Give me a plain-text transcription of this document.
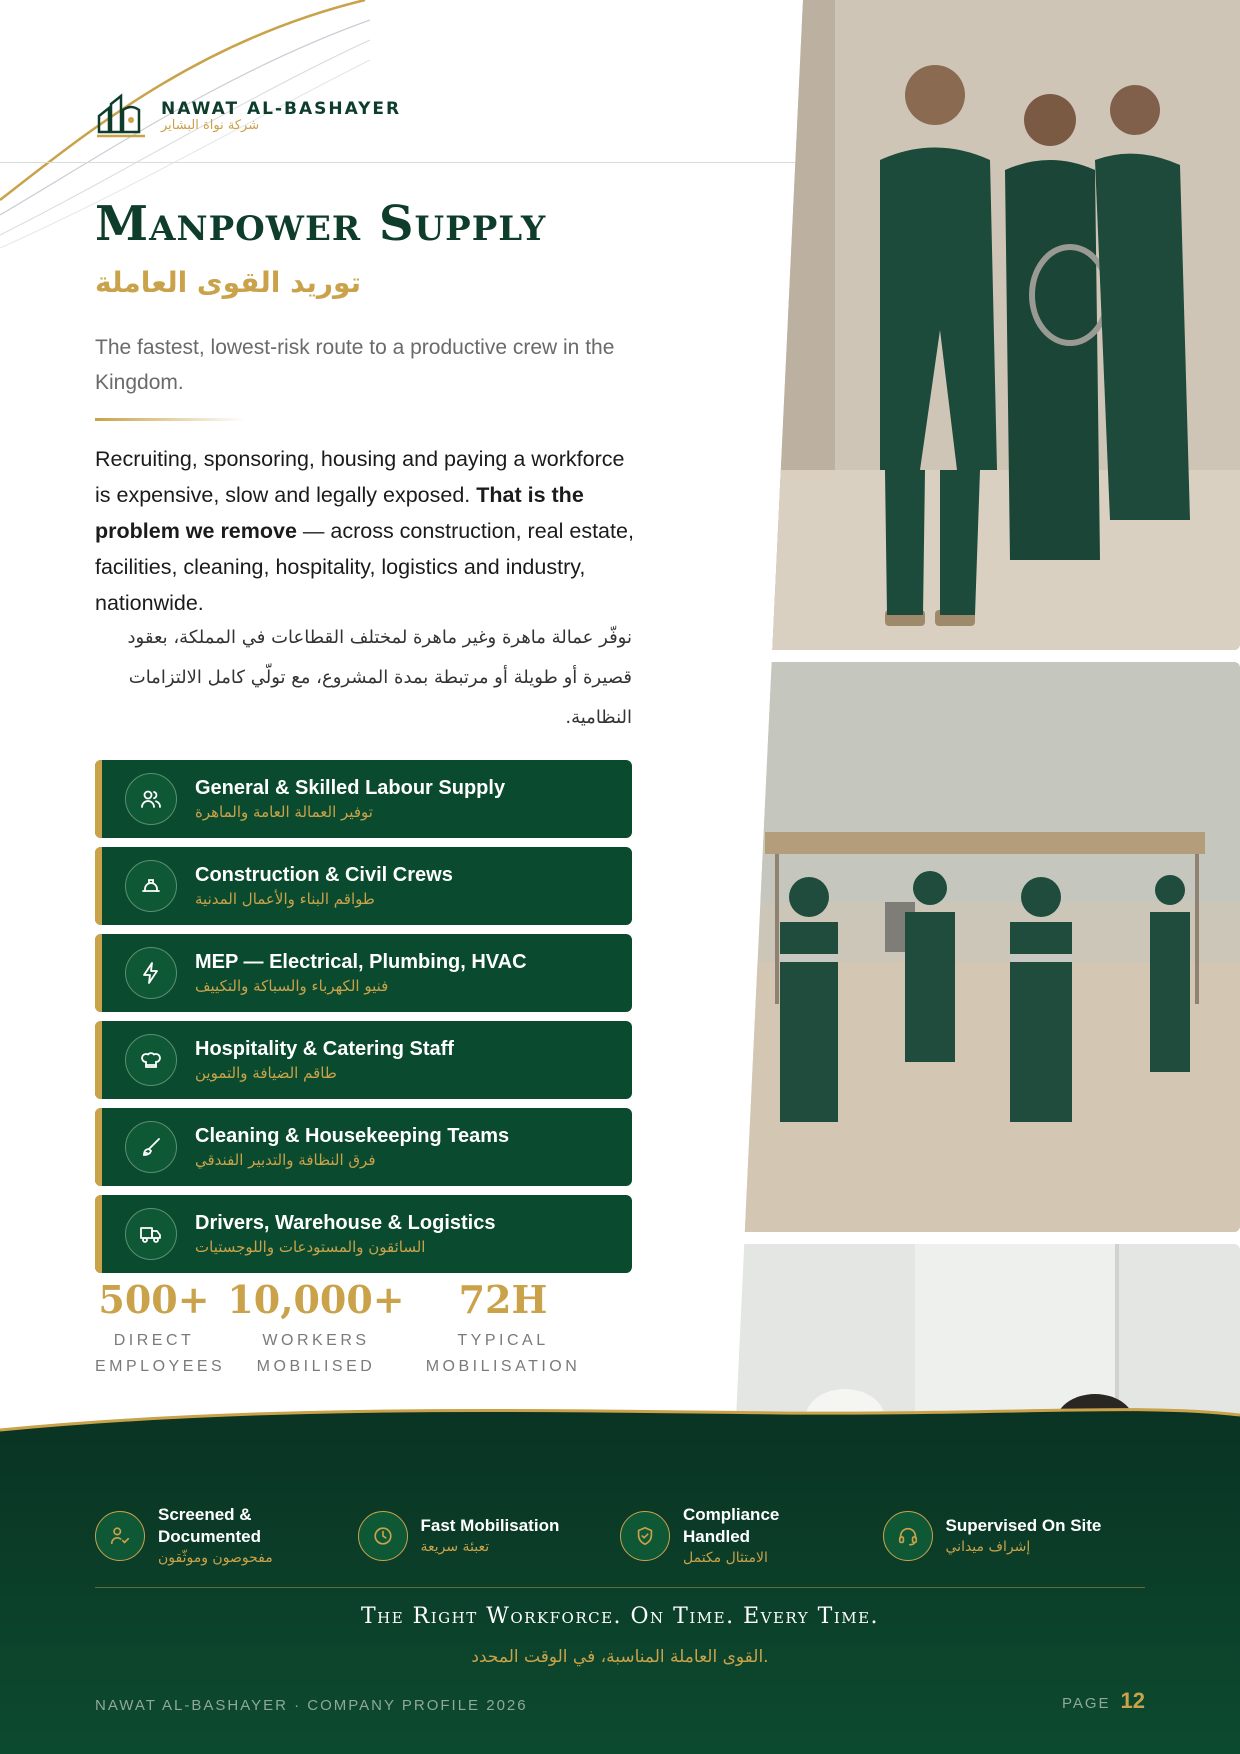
NAWAT AL-BASHAYER
شركة نواة البشاير
Manpower Supply
توريد القوى العاملة
The fastest, lowest-risk route to a productive crew in the Kingdom.
Recruiting, sponsoring, housing and paying a workforce is expensive, slow and legally exposed. That is the problem we remove — across construction, real estate, facilities, cleaning, hospitality, logistics and industry, nationwide.
نوفّر عمالة ماهرة وغير ماهرة لمختلف القطاعات في المملكة، بعقود قصيرة أو طويلة أو مرتبطة بمدة المشروع، مع تولّي كامل الالتزامات النظامية.
General & Skilled Labour Supply
توفير العمالة العامة والماهرة
Construction & Civil Crews
طواقم البناء والأعمال المدنية
MEP — Electrical, Plumbing, HVAC
فنيو الكهرباء والسباكة والتكييف
Hospitality & Catering Staff
طاقم الضيافة والتموين
Cleaning & Housekeeping Teams
فرق النظافة والتدبير الفندقي
Drivers, Warehouse & Logistics
السائقون والمستودعات واللوجستيات
500+
DIRECT
EMPLOYEES
10,000+
WORKERS
MOBILISED
72H
TYPICAL
MOBILISATION
Screened &
Documented
مفحوصون وموثّقون
Fast Mobilisation
تعبئة سريعة
Compliance
Handled
الامتثال مكتمل
Supervised On Site
إشراف ميداني
The Right Workforce. On Time. Every Time.
القوى العاملة المناسبة، في الوقت المحدد.
NAWAT AL-BASHAYER · COMPANY PROFILE 2026	PAGE 12
